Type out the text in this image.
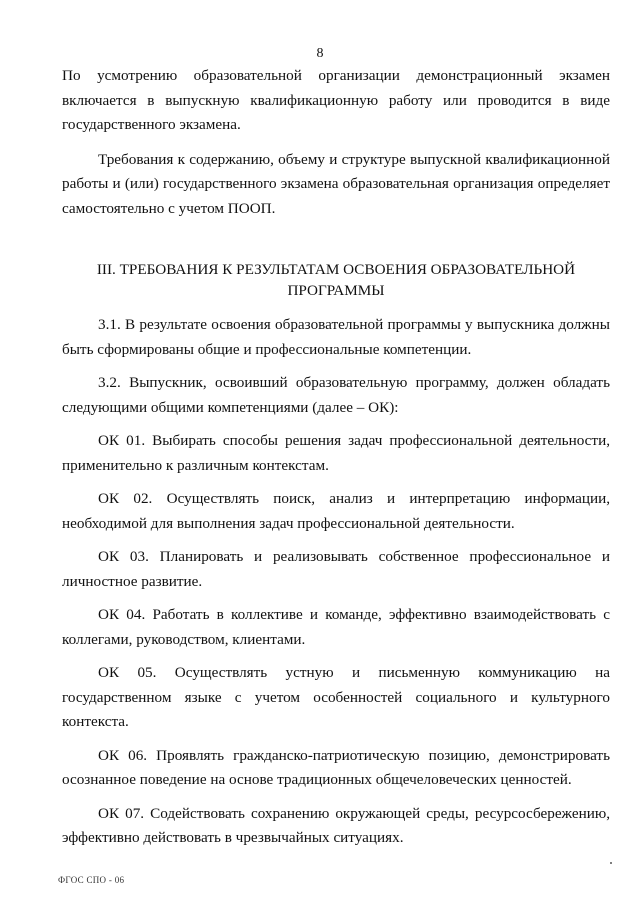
8

По усмотрению образовательной организации демонстрационный экзамен включается в выпускную квалификационную работу или проводится в виде государственного экзамена.

Требования к содержанию, объему и структуре выпускной квалификационной работы и (или) государственного экзамена образовательная организация определяет самостоятельно с учетом ПООП.

III. ТРЕБОВАНИЯ К РЕЗУЛЬТАТАМ ОСВОЕНИЯ ОБРАЗОВАТЕЛЬНОЙ
ПРОГРАММЫ

3.1. В результате освоения образовательной программы у выпускника должны быть сформированы общие и профессиональные компетенции.

3.2. Выпускник, освоивший образовательную программу, должен обладать следующими общими компетенциями (далее – ОК):

ОК 01. Выбирать способы решения задач профессиональной деятельности, применительно к различным контекстам.

ОК 02. Осуществлять поиск, анализ и интерпретацию информации, необходимой для выполнения задач профессиональной деятельности.

ОК 03. Планировать и реализовывать собственное профессиональное и личностное развитие.

ОК 04. Работать в коллективе и команде, эффективно взаимодействовать с коллегами, руководством, клиентами.

ОК 05. Осуществлять устную и письменную коммуникацию на государственном языке с учетом особенностей социального и культурного контекста.

ОК 06. Проявлять гражданско-патриотическую позицию, демонстрировать осознанное поведение на основе традиционных общечеловеческих ценностей.

ОК 07. Содействовать сохранению окружающей среды, ресурсосбережению, эффективно действовать в чрезвычайных ситуациях.

ФГОС СПО - 06
